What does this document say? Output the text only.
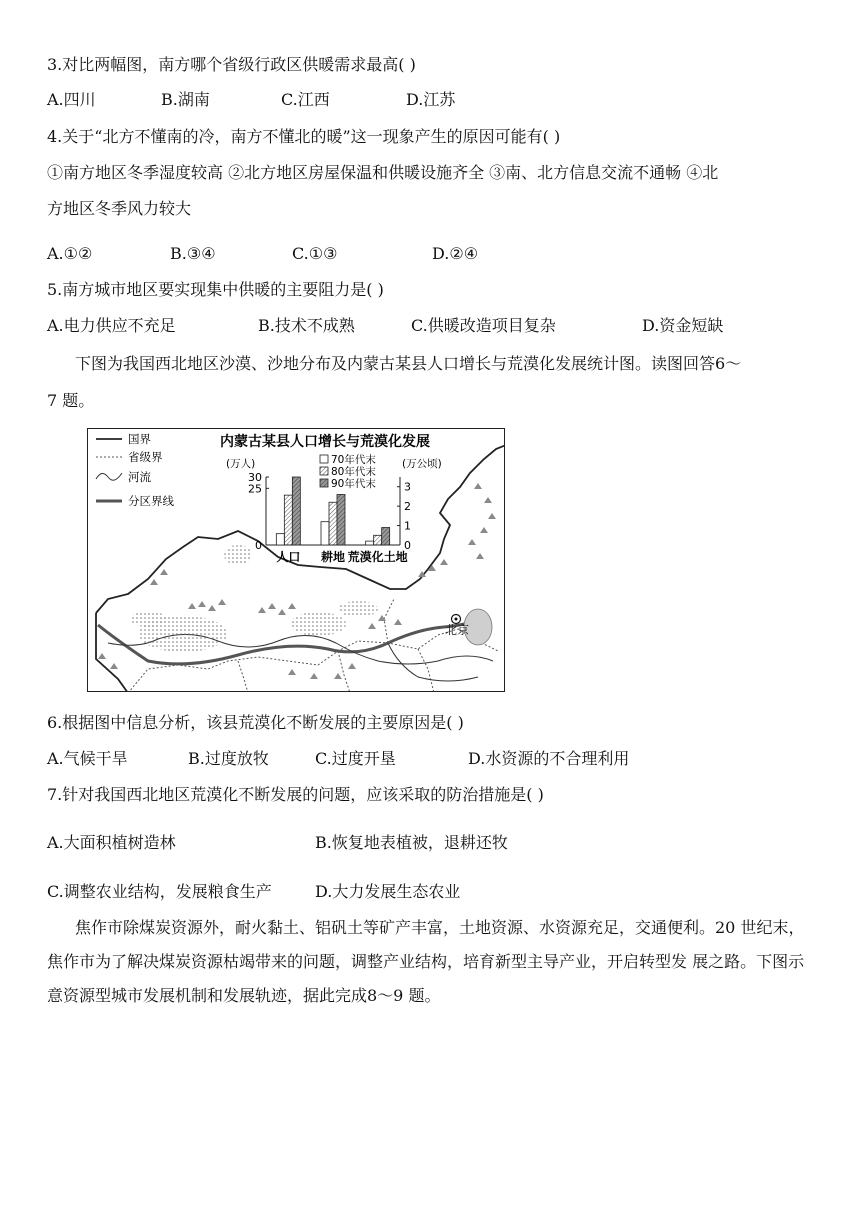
3.对比两幅图，南方哪个省级行政区供暖需求最高( )
A.四川	B.湖南	C.江西	D.江苏
4.关于“北方不懂南的冷，南方不懂北的暖”这一现象产生的原因可能有( )
①南方地区冬季湿度较高 ②北方地区房屋保温和供暖设施齐全 ③南、北方信息交流不通畅 ④北
方地区冬季风力较大
A.①②	B.③④	C.①③	D.②④
5.南方城市地区要实现集中供暖的主要阻力是( )
A.电力供应不充足	B.技术不成熟	C.供暖改造项目复杂	D.资金短缺
下图为我国西北地区沙漠、沙地分布及内蒙古某县人口增长与荒漠化发展统计图。读图回答6～
7 题。
北京
国界
省级界
河流
分区界线
内蒙古某县人口增长与荒漠化发展
(万人)	(万公顷)
70年代末
80年代末
90年代末
0
25
30
0
1
2
3
人口 耕地 荒漠化土地
6.根据图中信息分析，该县荒漠化不断发展的主要原因是( )
A.气候干旱	B.过度放牧	C.过度开垦	D.水资源的不合理利用
7.针对我国西北地区荒漠化不断发展的问题，应该采取的防治措施是( )
A.大面积植树造林	B.恢复地表植被，退耕还牧
C.调整农业结构，发展粮食生产	D.大力发展生态农业
焦作市除煤炭资源外，耐火黏土、铝矾土等矿产丰富，土地资源、水资源充足，交通便利。20 世纪末，焦作市为了解决煤炭资源枯竭带来的问题，调整产业结构，培育新型主导产业，开启转型发 展之路。下图示意资源型城市发展机制和发展轨迹，据此完成8～9 题。
